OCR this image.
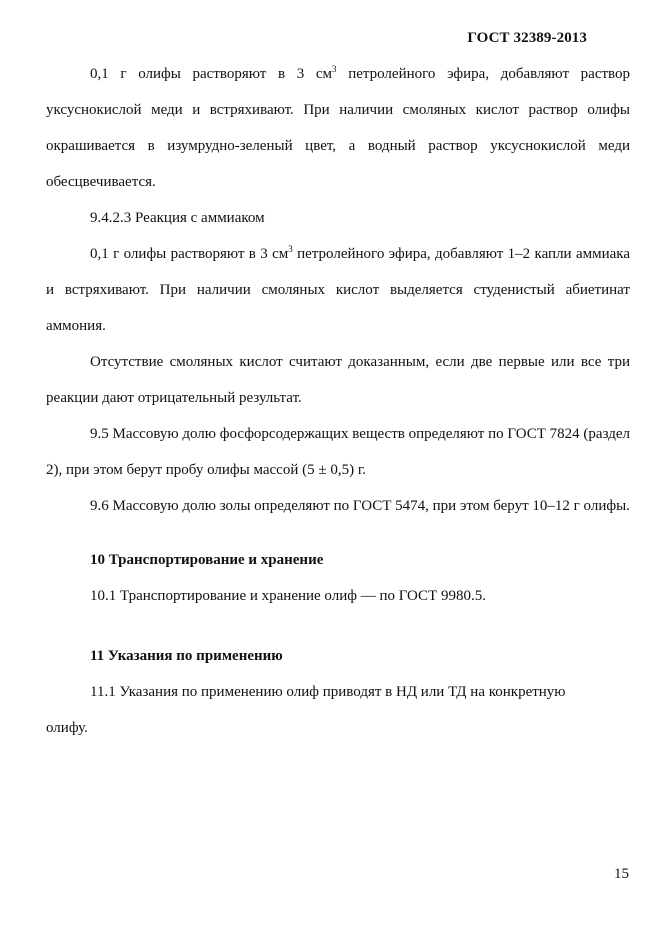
ГОСТ 32389-2013

0,1 г олифы растворяют в 3 $см^3$ петролейного эфира, добавляют раствор уксуснокислой меди и встряхивают. При наличии смоляных кислот раствор олифы окрашивается в изумрудно-зеленый цвет, а водный раствор уксуснокислой меди обесцвечивается.

9.4.2.3 Реакция с аммиаком

0,1 г олифы растворяют в 3 $см^3$ петролейного эфира, добавляют 1–2 капли аммиака и встряхивают. При наличии смоляных кислот выделяется студенистый абиетинат аммония.

Отсутствие смоляных кислот считают доказанным, если две первые или все три реакции дают отрицательный результат.

9.5 Массовую долю фосфорсодержащих веществ определяют по ГОСТ 7824 (раздел 2), при этом берут пробу олифы массой (5 ± 0,5) г.

9.6 Массовую долю золы определяют по ГОСТ 5474, при этом берут 10–12 г олифы.

10 Транспортирование и хранение

10.1 Транспортирование и хранение олиф — по ГОСТ 9980.5.

11 Указания по применению

11.1 Указания по применению олиф приводят в НД или ТД на конкретную олифу.

15
